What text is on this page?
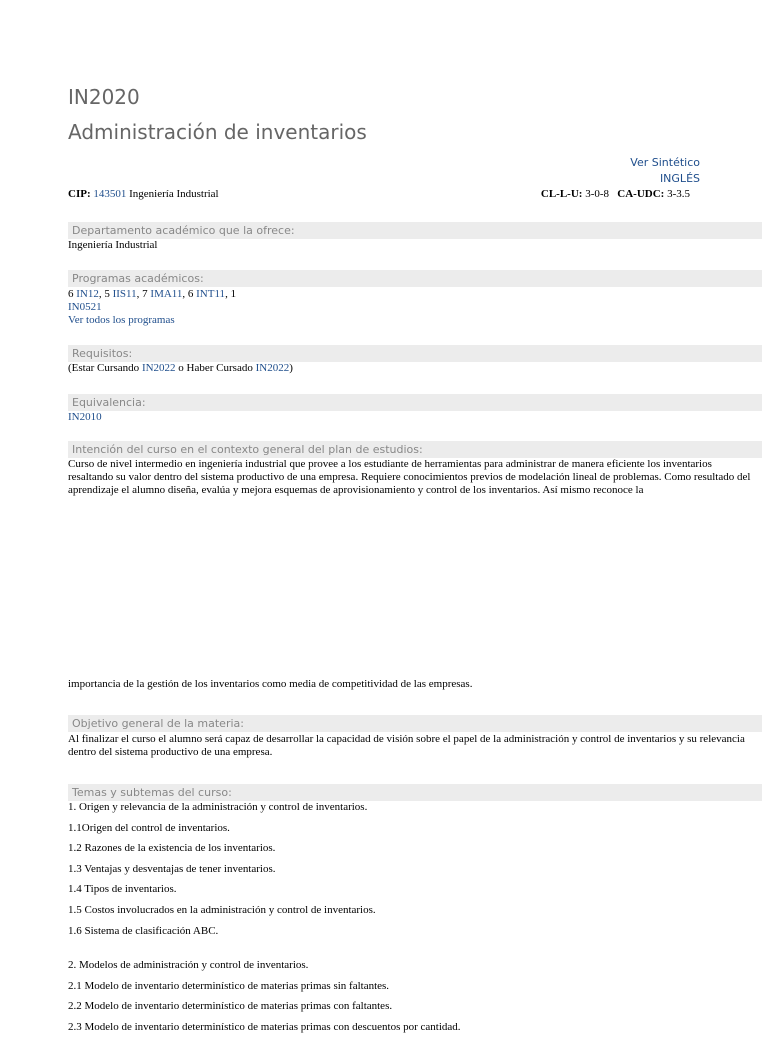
IN2020
Administración de inventarios
Ver Sintético
INGLÉS
CIP: 143501 Ingeniería Industrial	CL-L-U: 3-0-8 CA-UDC: 3-3.5
Departamento académico que la ofrece:
Ingeniería Industrial
Programas académicos:
6 IN12, 5 IIS11, 7 IMA11, 6 INT11, 1
IN0521
Ver todos los programas
Requisitos:
(Estar Cursando IN2022 o Haber Cursado IN2022)
Equivalencia:
IN2010
Intención del curso en el contexto general del plan de estudios:

Curso de nivel intermedio en ingeniería industrial que provee a los estudiante de herramientas para administrar de manera eficiente los inventarios resaltando su valor dentro del sistema productivo de una empresa. Requiere conocimientos previos de modelación lineal de problemas. Como resultado del aprendizaje el alumno diseña, evalúa y mejora esquemas de aprovisionamiento y control de los inventarios. Así mismo reconoce la

importancia de la gestión de los inventarios como media de competitividad de las empresas.
Objetivo general de la materia:
Al finalizar el curso el alumno será capaz de desarrollar la capacidad de visión sobre el papel de la administración y control de inventarios y su relevancia dentro del sistema productivo de una empresa.
Temas y subtemas del curso:
1. Origen y relevancia de la administración y control de inventarios.
1.1Origen del control de inventarios.
1.2 Razones de la existencia de los inventarios.
1.3 Ventajas y desventajas de tener inventarios.
1.4 Tipos de inventarios.
1.5 Costos involucrados en la administración y control de inventarios.
1.6 Sistema de clasificación ABC.
2. Modelos de administración y control de inventarios.
2.1 Modelo de inventario determinístico de materias primas sin faltantes.
2.2 Modelo de inventario determinístico de materias primas con faltantes.
2.3 Modelo de inventario determinístico de materias primas con descuentos por cantidad.
